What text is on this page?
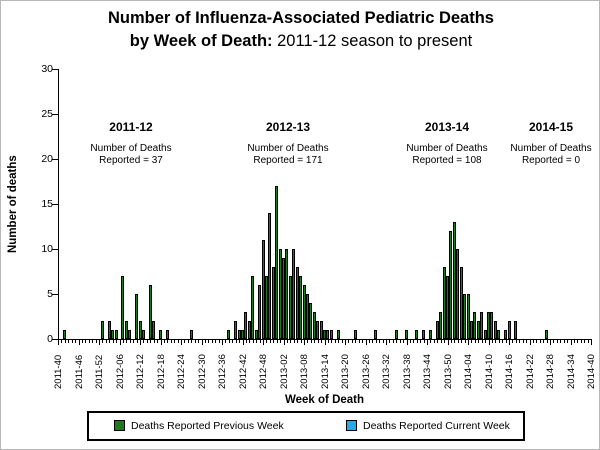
Number of Influenza-Associated Pediatric Deaths
by Week of Death: 2011-12 season to present
Number of deaths
0
5
10
15
20
25
30
2011-40 2011-46 2011-52 2012-06 2012-12 2012-18 2012-24 2012-30 2012-36 2012-42 2012-48 2013-02 2013-08 2013-14 2013-20 2013-26 2013-32 2013-38 2013-44 2013-50 2014-04 2014-10 2014-16 2014-22 2014-28 2014-34 2014-40
2011-12
Number of Deaths
Reported = 37
2012-13
Number of Deaths
Reported = 171
2013-14
Number of Deaths
Reported = 108
2014-15
Number of Deaths
Reported = 0
Week of Death
Deaths Reported Previous Week	Deaths Reported Current Week
